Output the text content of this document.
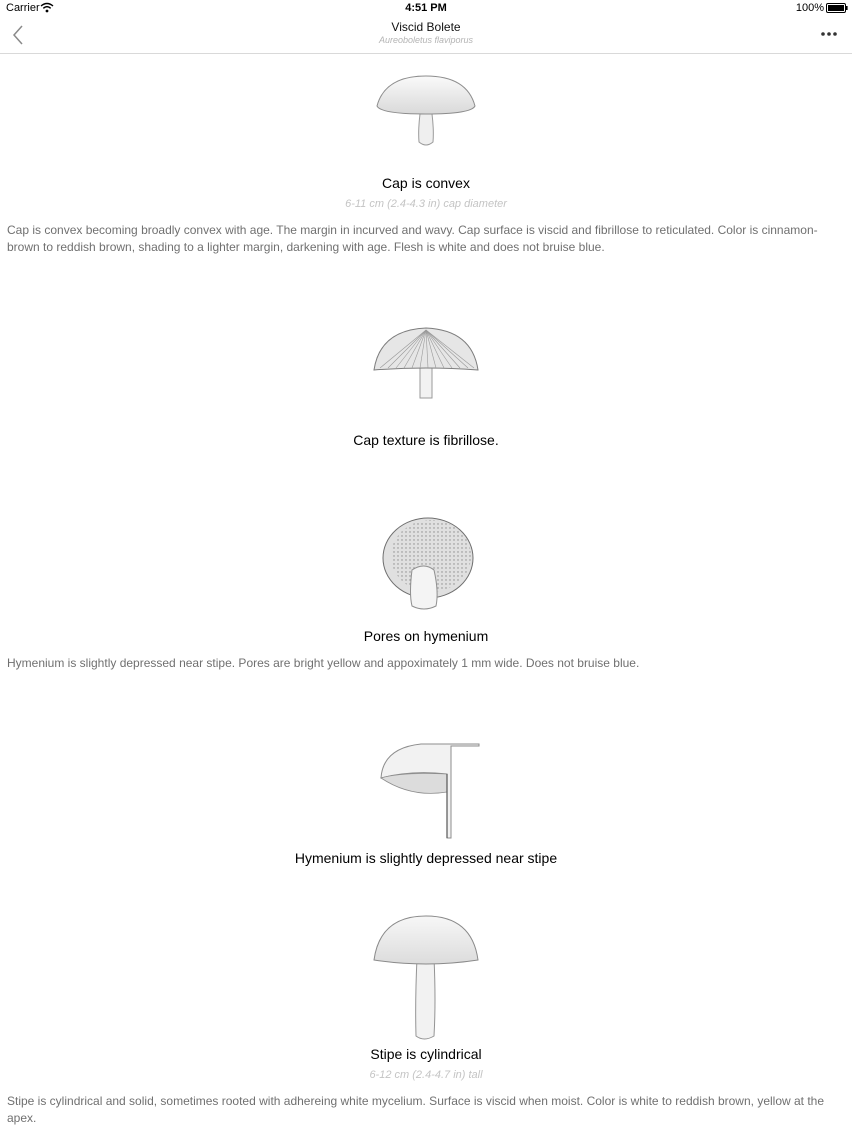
Carrier	4:51 PM	100%
Viscid Bolete
Aureoboletus flaviporus
Cap is convex
6-11 cm (2.4-4.3 in) cap diameter
Cap is convex becoming broadly convex with age. The margin in incurved and wavy. Cap surface is viscid and fibrillose to reticulated. Color is cinnamon-brown to reddish brown, shading to a lighter margin, darkening with age. Flesh is white and does not bruise blue.
Cap texture is fibrillose.
Pores on hymenium
Hymenium is slightly depressed near stipe. Pores are bright yellow and appoximately 1 mm wide. Does not bruise blue.
Hymenium is slightly depressed near stipe
Stipe is cylindrical
6-12 cm (2.4-4.7 in) tall
Stipe is cylindrical and solid, sometimes rooted with adhereing white mycelium. Surface is viscid when moist. Color is white to reddish brown, yellow at the apex.
